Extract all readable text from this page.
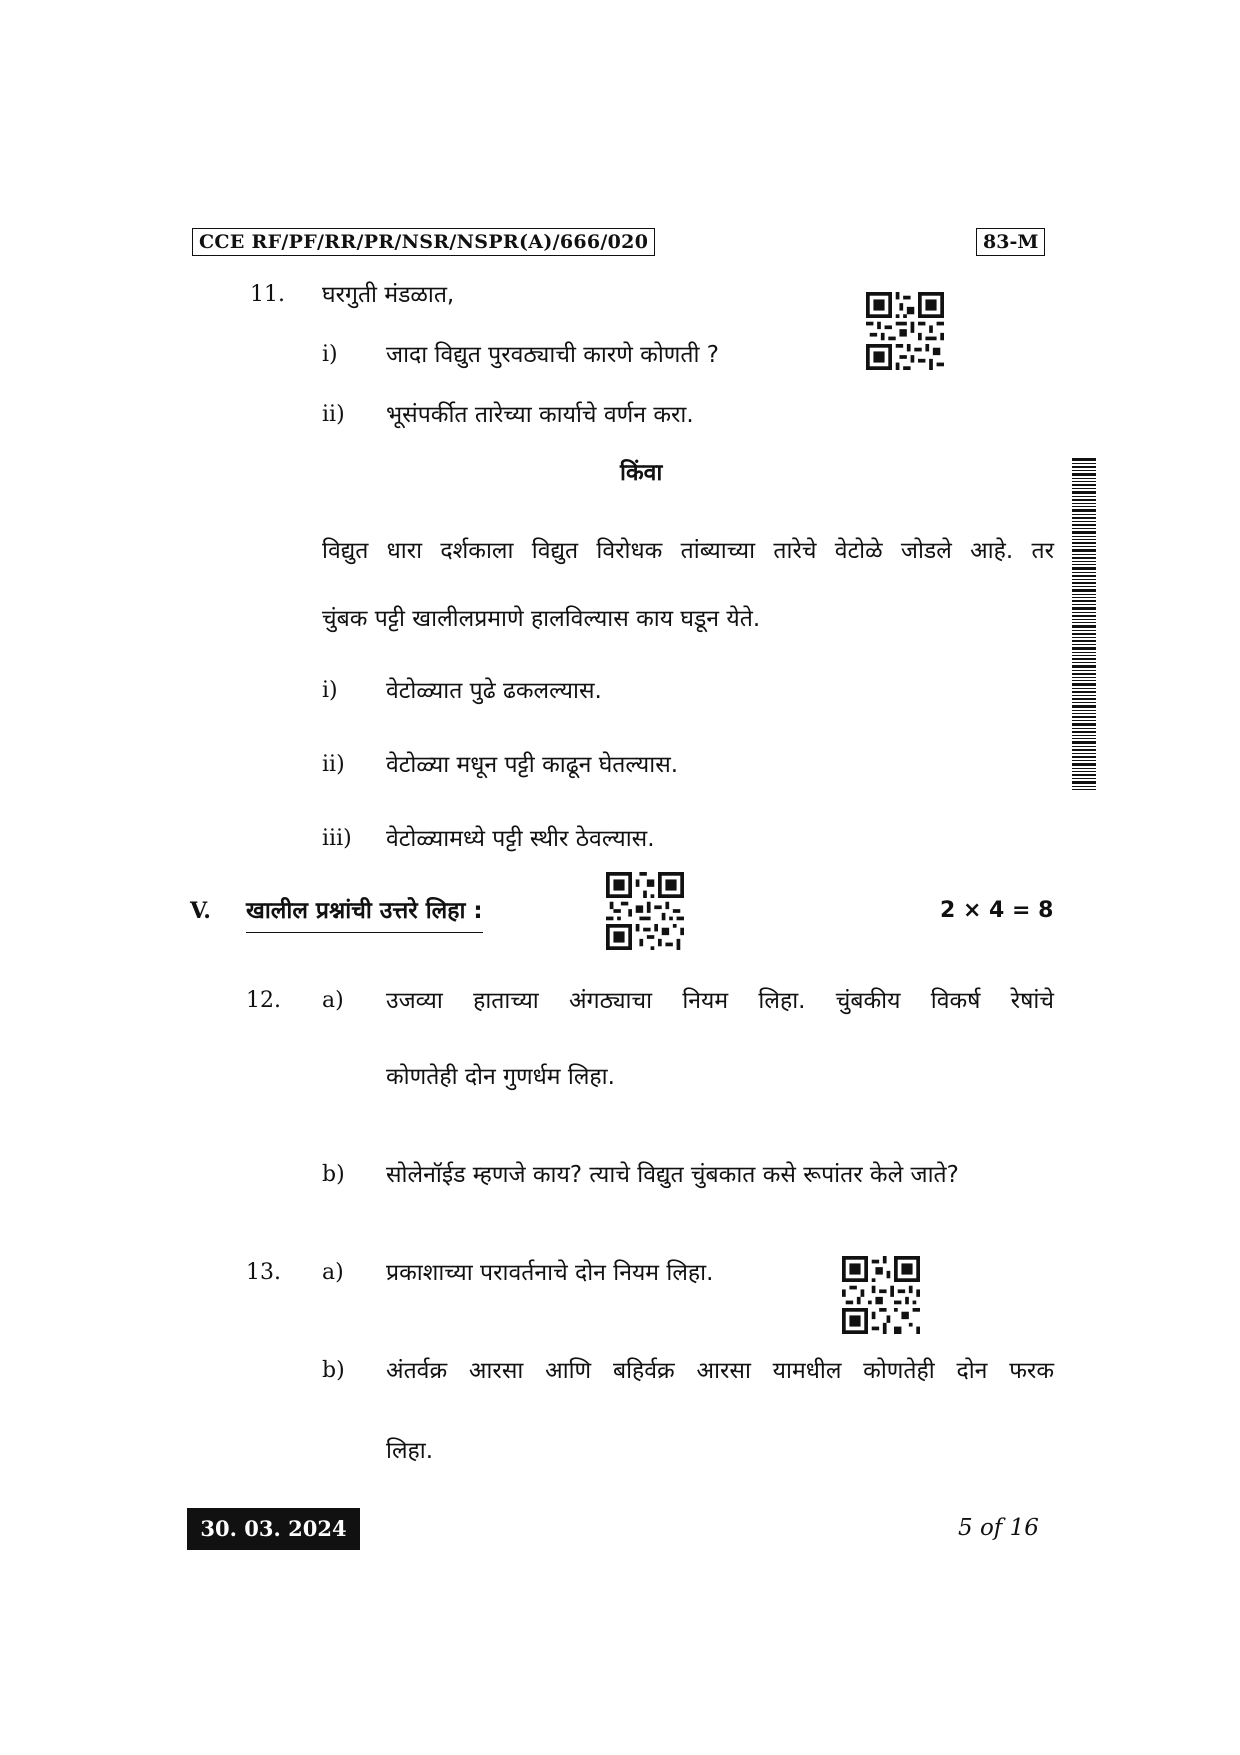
CCE RF/PF/RR/PR/NSR/NSPR(A)/666/020	83-M
11. घरगुती मंडळात,
i) जादा विद्युत पुरवठ्याची कारणे कोणती ?
ii) भूसंपर्कीत तारेच्या कार्याचे वर्णन करा.
किंवा
विद्युत धारा दर्शकाला विद्युत विरोधक तांब्याच्या तारेचे वेटोळे जोडले आहे. तर
चुंबक पट्टी खालीलप्रमाणे हालविल्यास काय घडून येते.
i) वेटोळ्यात पुढे ढकलल्यास.
ii) वेटोळ्या मधून पट्टी काढून घेतल्यास.
iii) वेटोळ्यामध्ये पट्टी स्थीर ठेवल्यास.
V. खालील प्रश्नांची उत्तरे लिहा :	2 × 4 = 8
12. a) उजव्या हाताच्या अंगठ्याचा नियम लिहा. चुंबकीय विकर्ष रेषांचे
कोणतेही दोन गुणर्धम लिहा.
b) सोलेनॉईड म्हणजे काय? त्याचे विद्युत चुंबकात कसे रूपांतर केले जाते?
13. a) प्रकाशाच्या परावर्तनाचे दोन नियम लिहा.
b) अंतर्वक्र आरसा आणि बहिर्वक्र आरसा यामधील कोणतेही दोन फरक
लिहा.
30. 03. 2024	5 of 16
